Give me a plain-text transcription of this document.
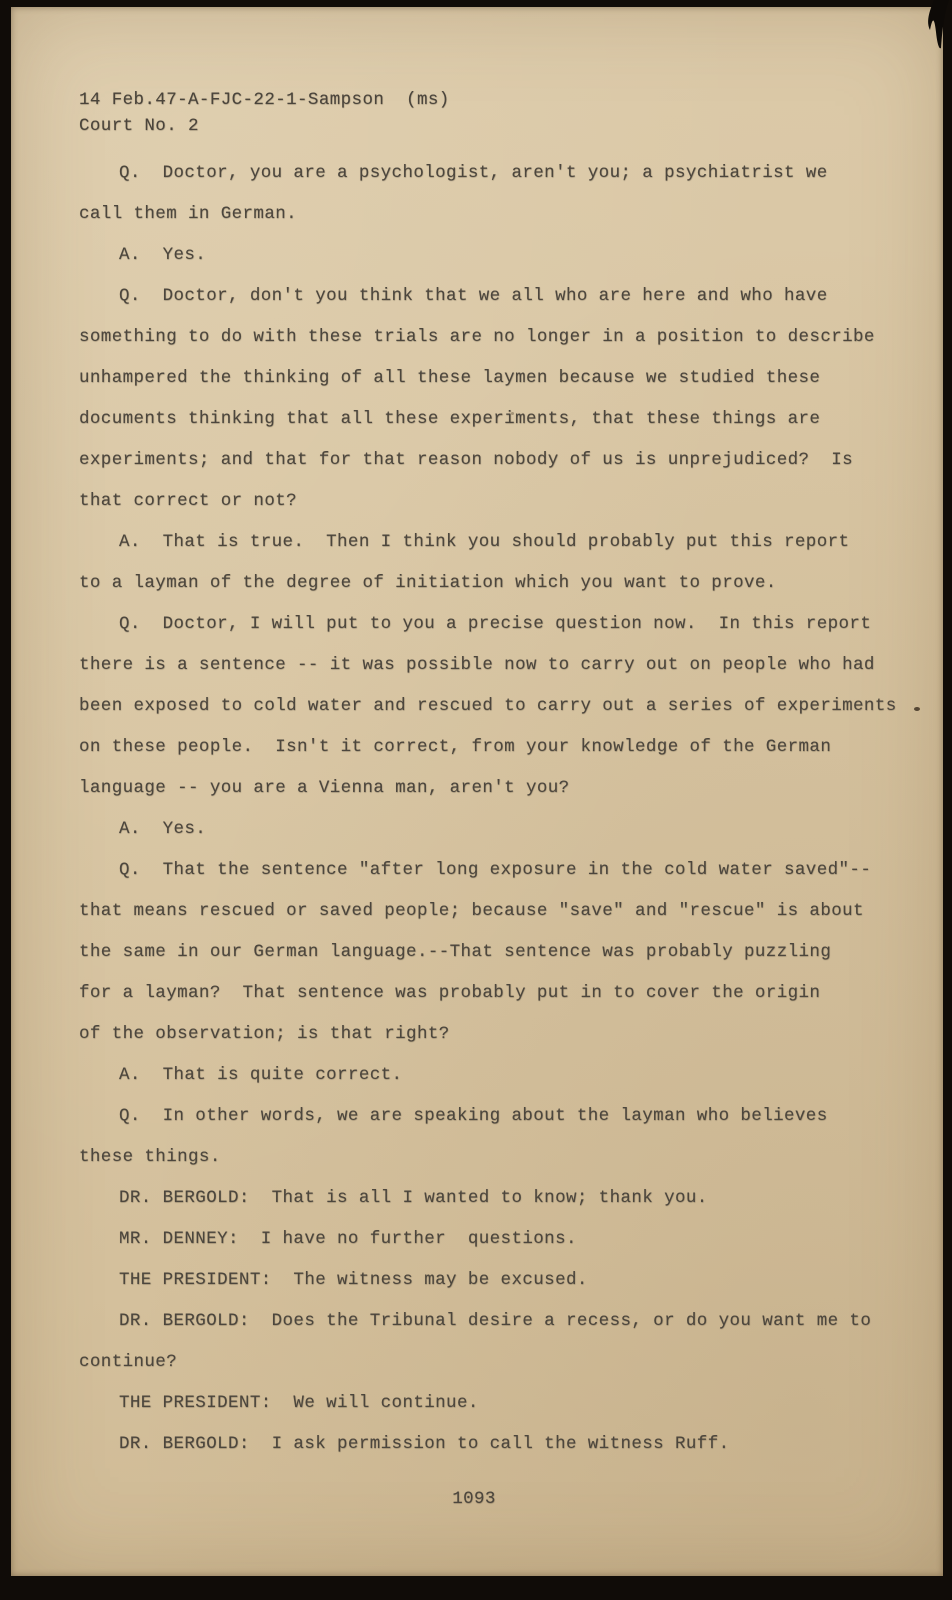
14 Feb.47-A-FJC-22-1-Sampson  (ms)
Court No. 2
Q.  Doctor, you are a psychologist, aren't you; a psychiatrist we
call them in German.
A.  Yes.
Q.  Doctor, don't you think that we all who are here and who have
something to do with these trials are no longer in a position to describe
unhampered the thinking of all these laymen because we studied these
documents thinking that all these experiments, that these things are
experiments; and that for that reason nobody of us is unprejudiced?  Is
that correct or not?
A.  That is true.  Then I think you should probably put this report
to a layman of the degree of initiation which you want to prove.
Q.  Doctor, I will put to you a precise question now.  In this report
there is a sentence -- it was possible now to carry out on people who had
been exposed to cold water and rescued to carry out a series of experiments
on these people.  Isn't it correct, from your knowledge of the German
language -- you are a Vienna man, aren't you?
A.  Yes.
Q.  That the sentence "after long exposure in the cold water saved"--
that means rescued or saved people; because "save" and "rescue" is about
the same in our German language.--That sentence was probably puzzling
for a layman?  That sentence was probably put in to cover the origin
of the observation; is that right?
A.  That is quite correct.
Q.  In other words, we are speaking about the layman who believes
these things.
DR. BERGOLD:  That is all I wanted to know; thank you.
MR. DENNEY:  I have no further  questions.
THE PRESIDENT:  The witness may be excused.
DR. BERGOLD:  Does the Tribunal desire a recess, or do you want me to
continue?
THE PRESIDENT:  We will continue.
DR. BERGOLD:  I ask permission to call the witness Ruff.
1093
